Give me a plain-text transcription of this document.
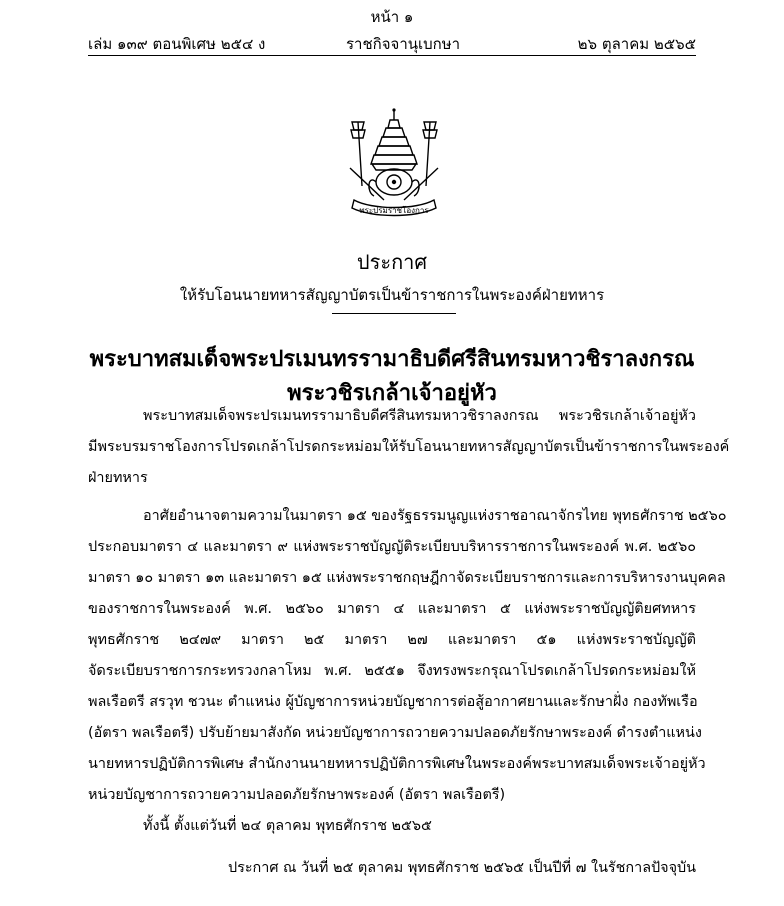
หน้า ๑
เล่ม ๑๓๙ ตอนพิเศษ ๒๕๔ ง	ราชกิจจานุเบกษา	๒๖ ตุลาคม ๒๕๖๕
พระปรมราชโองการ
ประกาศ
ให้รับโอนนายทหารสัญญาบัตรเป็นข้าราชการในพระองค์ฝ่ายทหาร
พระบาทสมเด็จพระปรเมนทรรามาธิบดีศรีสินทรมหาวชิราลงกรณ
พระวชิรเกล้าเจ้าอยู่หัว
พระบาทสมเด็จพระปรเมนทรรามาธิบดีศรีสินทรมหาวชิราลงกรณ พระวชิรเกล้าเจ้าอยู่หัว
มีพระบรมราชโองการโปรดเกล้าโปรดกระหม่อมให้รับโอนนายทหารสัญญาบัตรเป็นข้าราชการในพระองค์
ฝ่ายทหาร
อาศัยอำนาจตามความในมาตรา ๑๕ ของรัฐธรรมนูญแห่งราชอาณาจักรไทย พุทธศักราช ๒๕๖๐
ประกอบมาตรา ๔ และมาตรา ๙ แห่งพระราชบัญญัติระเบียบบริหารราชการในพระองค์ พ.ศ. ๒๕๖๐
มาตรา ๑๐ มาตรา ๑๓ และมาตรา ๑๕ แห่งพระราชกฤษฎีกาจัดระเบียบราชการและการบริหารงานบุคคล
ของราชการในพระองค์ พ.ศ. ๒๕๖๐ มาตรา ๔ และมาตรา ๕ แห่งพระราชบัญญัติยศทหาร
พุทธศักราช ๒๔๗๙ มาตรา ๒๕ มาตรา ๒๗ และมาตรา ๕๑ แห่งพระราชบัญญัติ
จัดระเบียบราชการกระทรวงกลาโหม พ.ศ. ๒๕๕๑ จึงทรงพระกรุณาโปรดเกล้าโปรดกระหม่อมให้
พลเรือตรี สรวุท ชวนะ ตำแหน่ง ผู้บัญชาการหน่วยบัญชาการต่อสู้อากาศยานและรักษาฝั่ง กองทัพเรือ
(อัตรา พลเรือตรี) ปรับย้ายมาสังกัด หน่วยบัญชาการถวายความปลอดภัยรักษาพระองค์ ดำรงตำแหน่ง
นายทหารปฏิบัติการพิเศษ สำนักงานนายทหารปฏิบัติการพิเศษในพระองค์พระบาทสมเด็จพระเจ้าอยู่หัว
หน่วยบัญชาการถวายความปลอดภัยรักษาพระองค์ (อัตรา พลเรือตรี)
ทั้งนี้ ตั้งแต่วันที่ ๒๔ ตุลาคม พุทธศักราช ๒๕๖๕
ประกาศ ณ วันที่ ๒๕ ตุลาคม พุทธศักราช ๒๕๖๕ เป็นปีที่ ๗ ในรัชกาลปัจจุบัน
